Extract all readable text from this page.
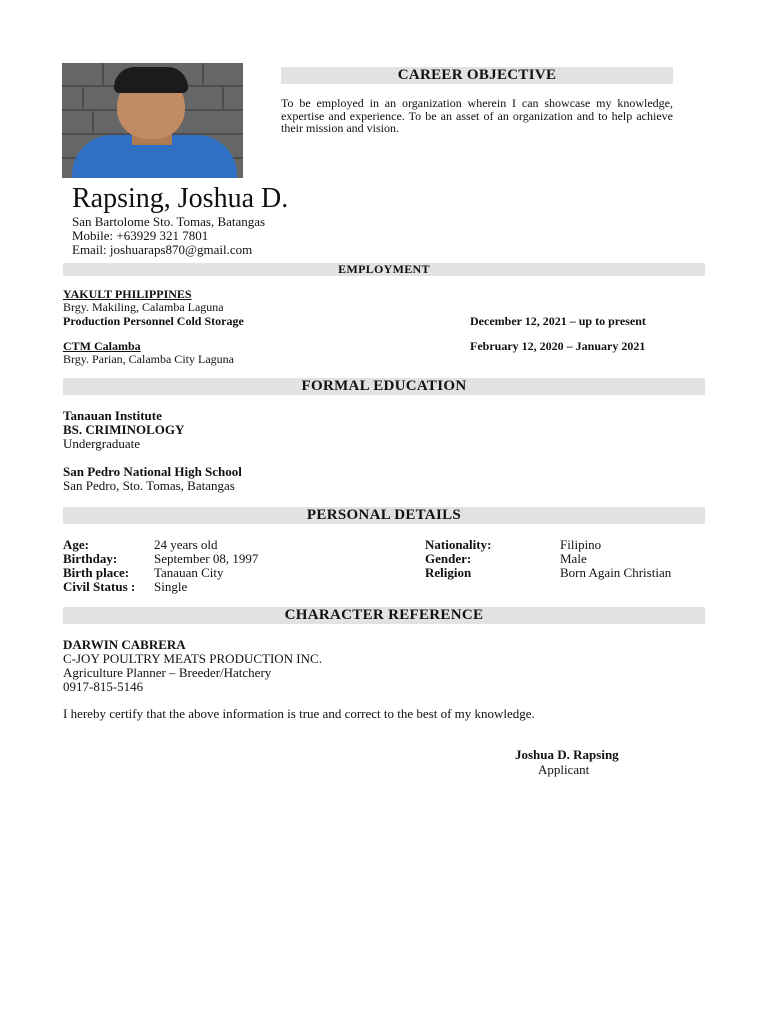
CAREER OBJECTIVE
To be employed in an organization wherein I can showcase my knowledge, expertise and experience. To be an asset of an organization and to help achieve their mission and vision.
Rapsing, Joshua D.
San Bartolome Sto. Tomas, Batangas
Mobile: +63929 321 7801
Email: joshuaraps870@gmail.com
EMPLOYMENT
YAKULT PHILIPPINES
Brgy. Makiling, Calamba Laguna
Production Personnel Cold Storage	December 12, 2021 – up to present
CTM Calamba	February 12, 2020 – January 2021
Brgy. Parian, Calamba City Laguna
FORMAL EDUCATION
Tanauan Institute
BS. CRIMINOLOGY
Undergraduate
San Pedro National High School
San Pedro, Sto. Tomas, Batangas
PERSONAL DETAILS
Age:	24 years old
Birthday:	September 08, 1997
Birth place: Tanauan City
Civil Status : Single
Nationality:	Filipino
Gender:	Male
Religion	Born Again Christian
CHARACTER REFERENCE
DARWIN CABRERA
C-JOY POULTRY MEATS PRODUCTION INC.
Agriculture Planner – Breeder/Hatchery
0917-815-5146
I hereby certify that the above information is true and correct to the best of my knowledge.
Joshua D. Rapsing
Applicant
